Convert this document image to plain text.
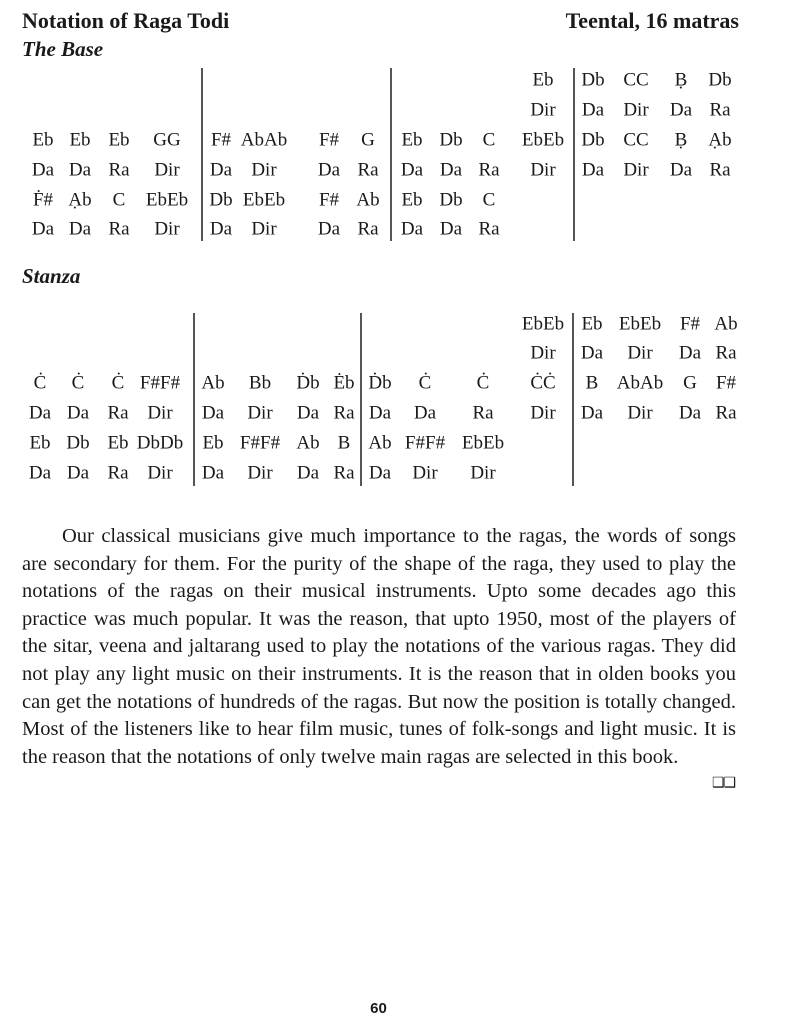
Notation of Raga Todi	Teental, 16 matras
The Base
Eb Db CC Ḅ Db
Dir Da Dir Da Ra
Eb Eb Eb GG F# AbAb F# G Eb Db C EbEb Db CC Ḅ Ạb
Da Da Ra Dir Da Dir Da Ra Da Da Ra Dir Da Dir Da Ra
Ḟ# Ạb C EbEb Db EbEb F# Ab Eb Db C
Da Da Ra Dir Da Dir Da Ra Da Da Ra
Stanza
EbEb Eb EbEb F# Ab
Dir Da Dir Da Ra
Ċ Ċ Ċ F#F# Ab Bb Ḋb Ėb Ḋb Ċ Ċ ĊĊ B AbAb G F#
Da Da Ra Dir Da Dir Da Ra Da Da Ra Dir Da Dir Da Ra
Eb Db Eb DbDb Eb F#F# Ab B Ab F#F# EbEb
Da Da Ra Dir Da Dir Da Ra Da Dir Dir

Our classical musicians give much importance to the ragas, the words of songs are secondary for them. For the purity of the shape of the raga, they used to play the notations of the ragas on their musical instruments. Upto some decades ago this practice was much popular. It was the reason, that upto 1950, most of the players of the sitar, veena and jaltarang used to play the notations of the various ragas. They did not play any light music on their instruments. It is the reason that in olden books you can get the notations of hundreds of the ragas. But now the position is totally changed. Most of the listeners like to hear film music, tunes of folk-songs and light music. It is the reason that the notations of only twelve main ragas are selected in this book.

❑❑
60
